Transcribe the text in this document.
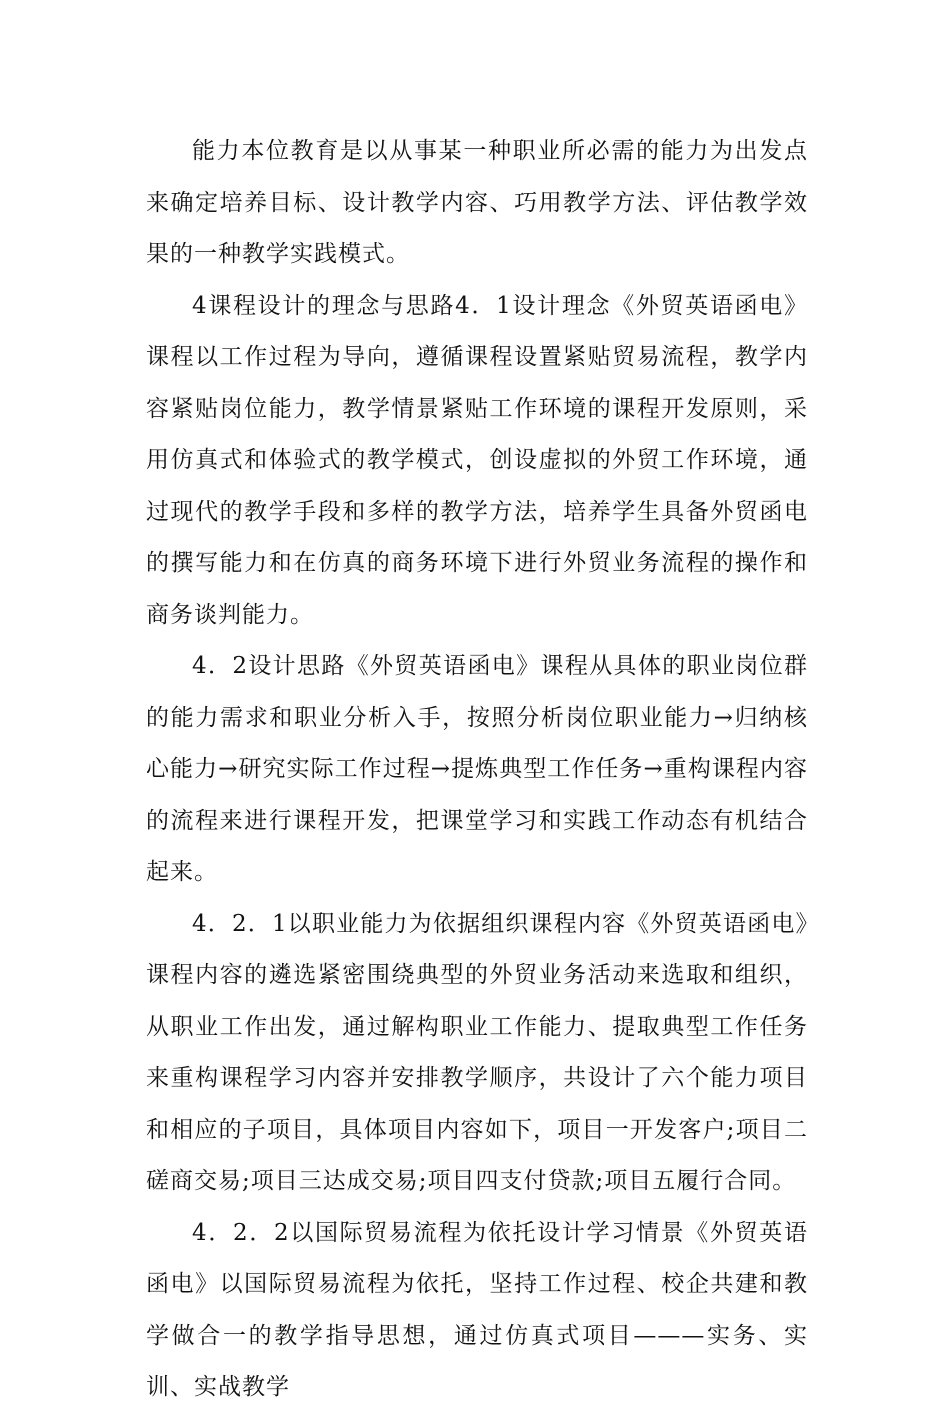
能力本位教育是以从事某一种职业所必需的能力为出发点来确定培养目标、设计教学内容、巧用教学方法、评估教学效果的一种教学实践模式。

4课程设计的理念与思路4．1设计理念《外贸英语函电》课程以工作过程为导向，遵循课程设置紧贴贸易流程，教学内容紧贴岗位能力，教学情景紧贴工作环境的课程开发原则，采用仿真式和体验式的教学模式，创设虚拟的外贸工作环境，通过现代的教学手段和多样的教学方法，培养学生具备外贸函电的撰写能力和在仿真的商务环境下进行外贸业务流程的操作和商务谈判能力。

4．2设计思路《外贸英语函电》课程从具体的职业岗位群的能力需求和职业分析入手，按照分析岗位职业能力→归纳核心能力→研究实际工作过程→提炼典型工作任务→重构课程内容的流程来进行课程开发，把课堂学习和实践工作动态有机结合起来。

4．2．1以职业能力为依据组织课程内容《外贸英语函电》课程内容的遴选紧密围绕典型的外贸业务活动来选取和组织，从职业工作出发，通过解构职业工作能力、提取典型工作任务来重构课程学习内容并安排教学顺序，共设计了六个能力项目和相应的子项目，具体项目内容如下，项目一开发客户;项目二磋商交易;项目三达成交易;项目四支付贷款;项目五履行合同。

4．2．2以国际贸易流程为依托设计学习情景《外贸英语函电》以国际贸易流程为依托，坚持工作过程、校企共建和教学做合一的教学指导思想，通过仿真式项目———实务、实训、实战教学
